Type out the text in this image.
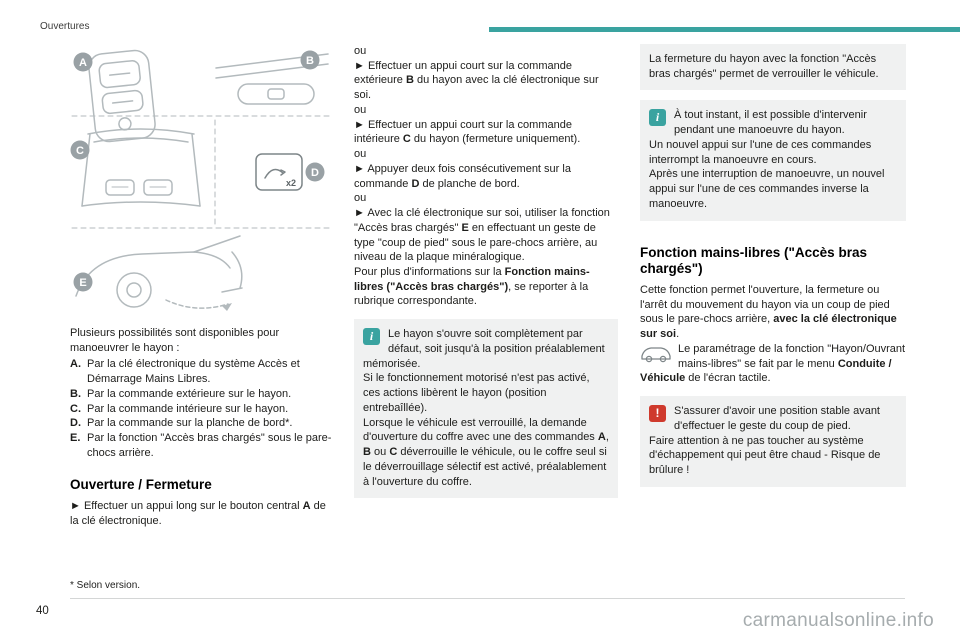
Ouvertures
A	B
C
D
E
x2

Plusieurs possibilités sont disponibles pour manoeuvrer le hayon :

A. Par la clé électronique du système Accès et Démarrage Mains Libres.
B. Par la commande extérieure sur le hayon.
C. Par la commande intérieure sur le hayon.
D. Par la commande sur la planche de bord*.
E. Par la fonction "Accès bras chargés" sous le pare-chocs arrière.
Ouverture / Fermeture

► Effectuer un appui long sur le bouton central A de la clé électronique.

ou

► Effectuer un appui court sur la commande extérieure B du hayon avec la clé électronique sur soi.

ou

► Effectuer un appui court sur la commande intérieure C du hayon (fermeture uniquement).

ou

► Appuyer deux fois consécutivement sur la commande D de planche de bord.

ou

► Avec la clé électronique sur soi, utiliser la fonction "Accès bras chargés" E en effectuant un geste de type "coup de pied" sous le pare-chocs arrière, au niveau de la plaque minéralogique.

Pour plus d'informations sur la Fonction mains-libres ("Accès bras chargés"), se reporter à la rubrique correspondante.

i	Le hayon s'ouvre soit complètement par défaut, soit jusqu'à la position préalablement mémorisée.

Si le fonctionnement motorisé n'est pas activé, ces actions libèrent le hayon (position entrebaîllée).

Lorsque le véhicule est verrouillé, la demande d'ouverture du coffre avec une des commandes A, B ou C déverrouille le véhicule, ou le coffre seul si le déverrouillage sélectif est activé, préalablement à l'ouverture du coffre.

La fermeture du hayon avec la fonction "Accès bras chargés" permet de verrouiller le véhicule.

i	À tout instant, il est possible d'intervenir pendant une manoeuvre du hayon.

Un nouvel appui sur l'une de ces commandes interrompt la manoeuvre en cours.

Après une interruption de manoeuvre, un nouvel appui sur l'une de ces commandes inverse la manoeuvre.

Fonction mains-libres ("Accès bras chargés")

Cette fonction permet l'ouverture, la fermeture ou l'arrêt du mouvement du hayon via un coup de pied sous le pare-chocs arrière, avec la clé électronique sur soi.

Le paramétrage de la fonction "Hayon/Ouvrant mains-libres" se fait par le menu Conduite / Véhicule de l'écran tactile.

!	S'assurer d'avoir une position stable avant d'effectuer le geste du coup de pied.

Faire attention à ne pas toucher au système d'échappement qui peut être chaud - Risque de brûlure !

* Selon version.
40	carmanualsonline.info
